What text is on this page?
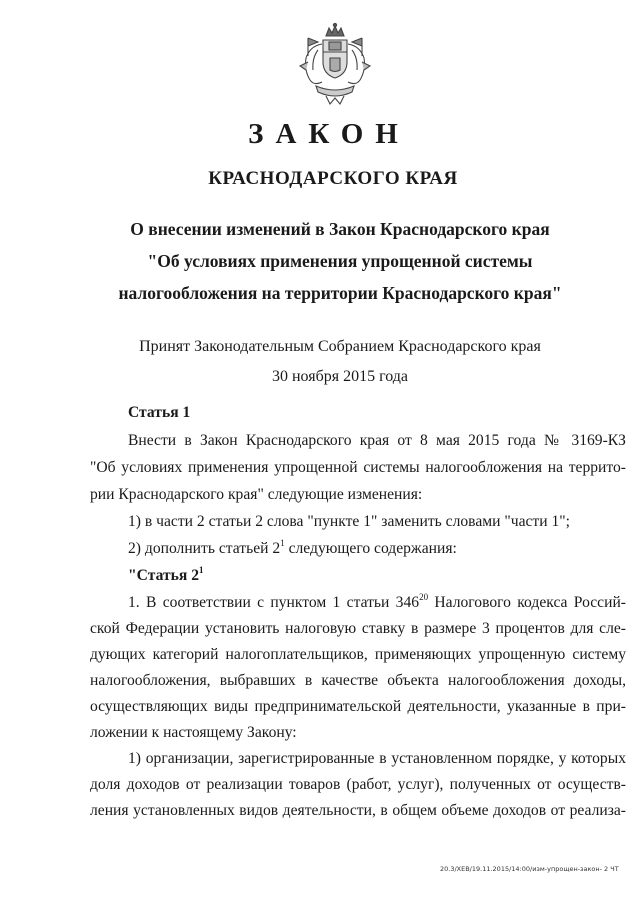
ЗАКОН
КРАСНОДАРСКОГО КРАЯ
О внесении изменений в Закон Краснодарского края
"Об условиях применения упрощенной системы
налогообложения на территории Краснодарского края"
Принят Законодательным Собранием Краснодарского края
30 ноября 2015 года
Статья 1
Внести в Закон Краснодарского края от 8 мая 2015 года № 3169-КЗ
"Об условиях применения упрощенной системы налогообложения на террито-
рии Краснодарского края" следующие изменения:
1) в части 2 статьи 2 слова "пункте 1" заменить словами "части 1";
2) дополнить статьей $2^1$ следующего содержания:
"Статья $2^1$
1. В соответствии с пунктом 1 статьи $346^{20}$ Налогового кодекса Россий-
ской Федерации установить налоговую ставку в размере 3 процентов для сле-
дующих категорий налогоплательщиков, применяющих упрощенную систему
налогообложения, выбравших в качестве объекта налогообложения доходы,
осуществляющих виды предпринимательской деятельности, указанные в при-
ложении к настоящему Закону:
1) организации, зарегистрированные в установленном порядке, у которых
доля доходов от реализации товаров (работ, услуг), полученных от осуществ-
ления установленных видов деятельности, в общем объеме доходов от реализа-
20.3/XEB/19.11.2015/14:00/изм-упрощен-закон- 2 ЧТ
